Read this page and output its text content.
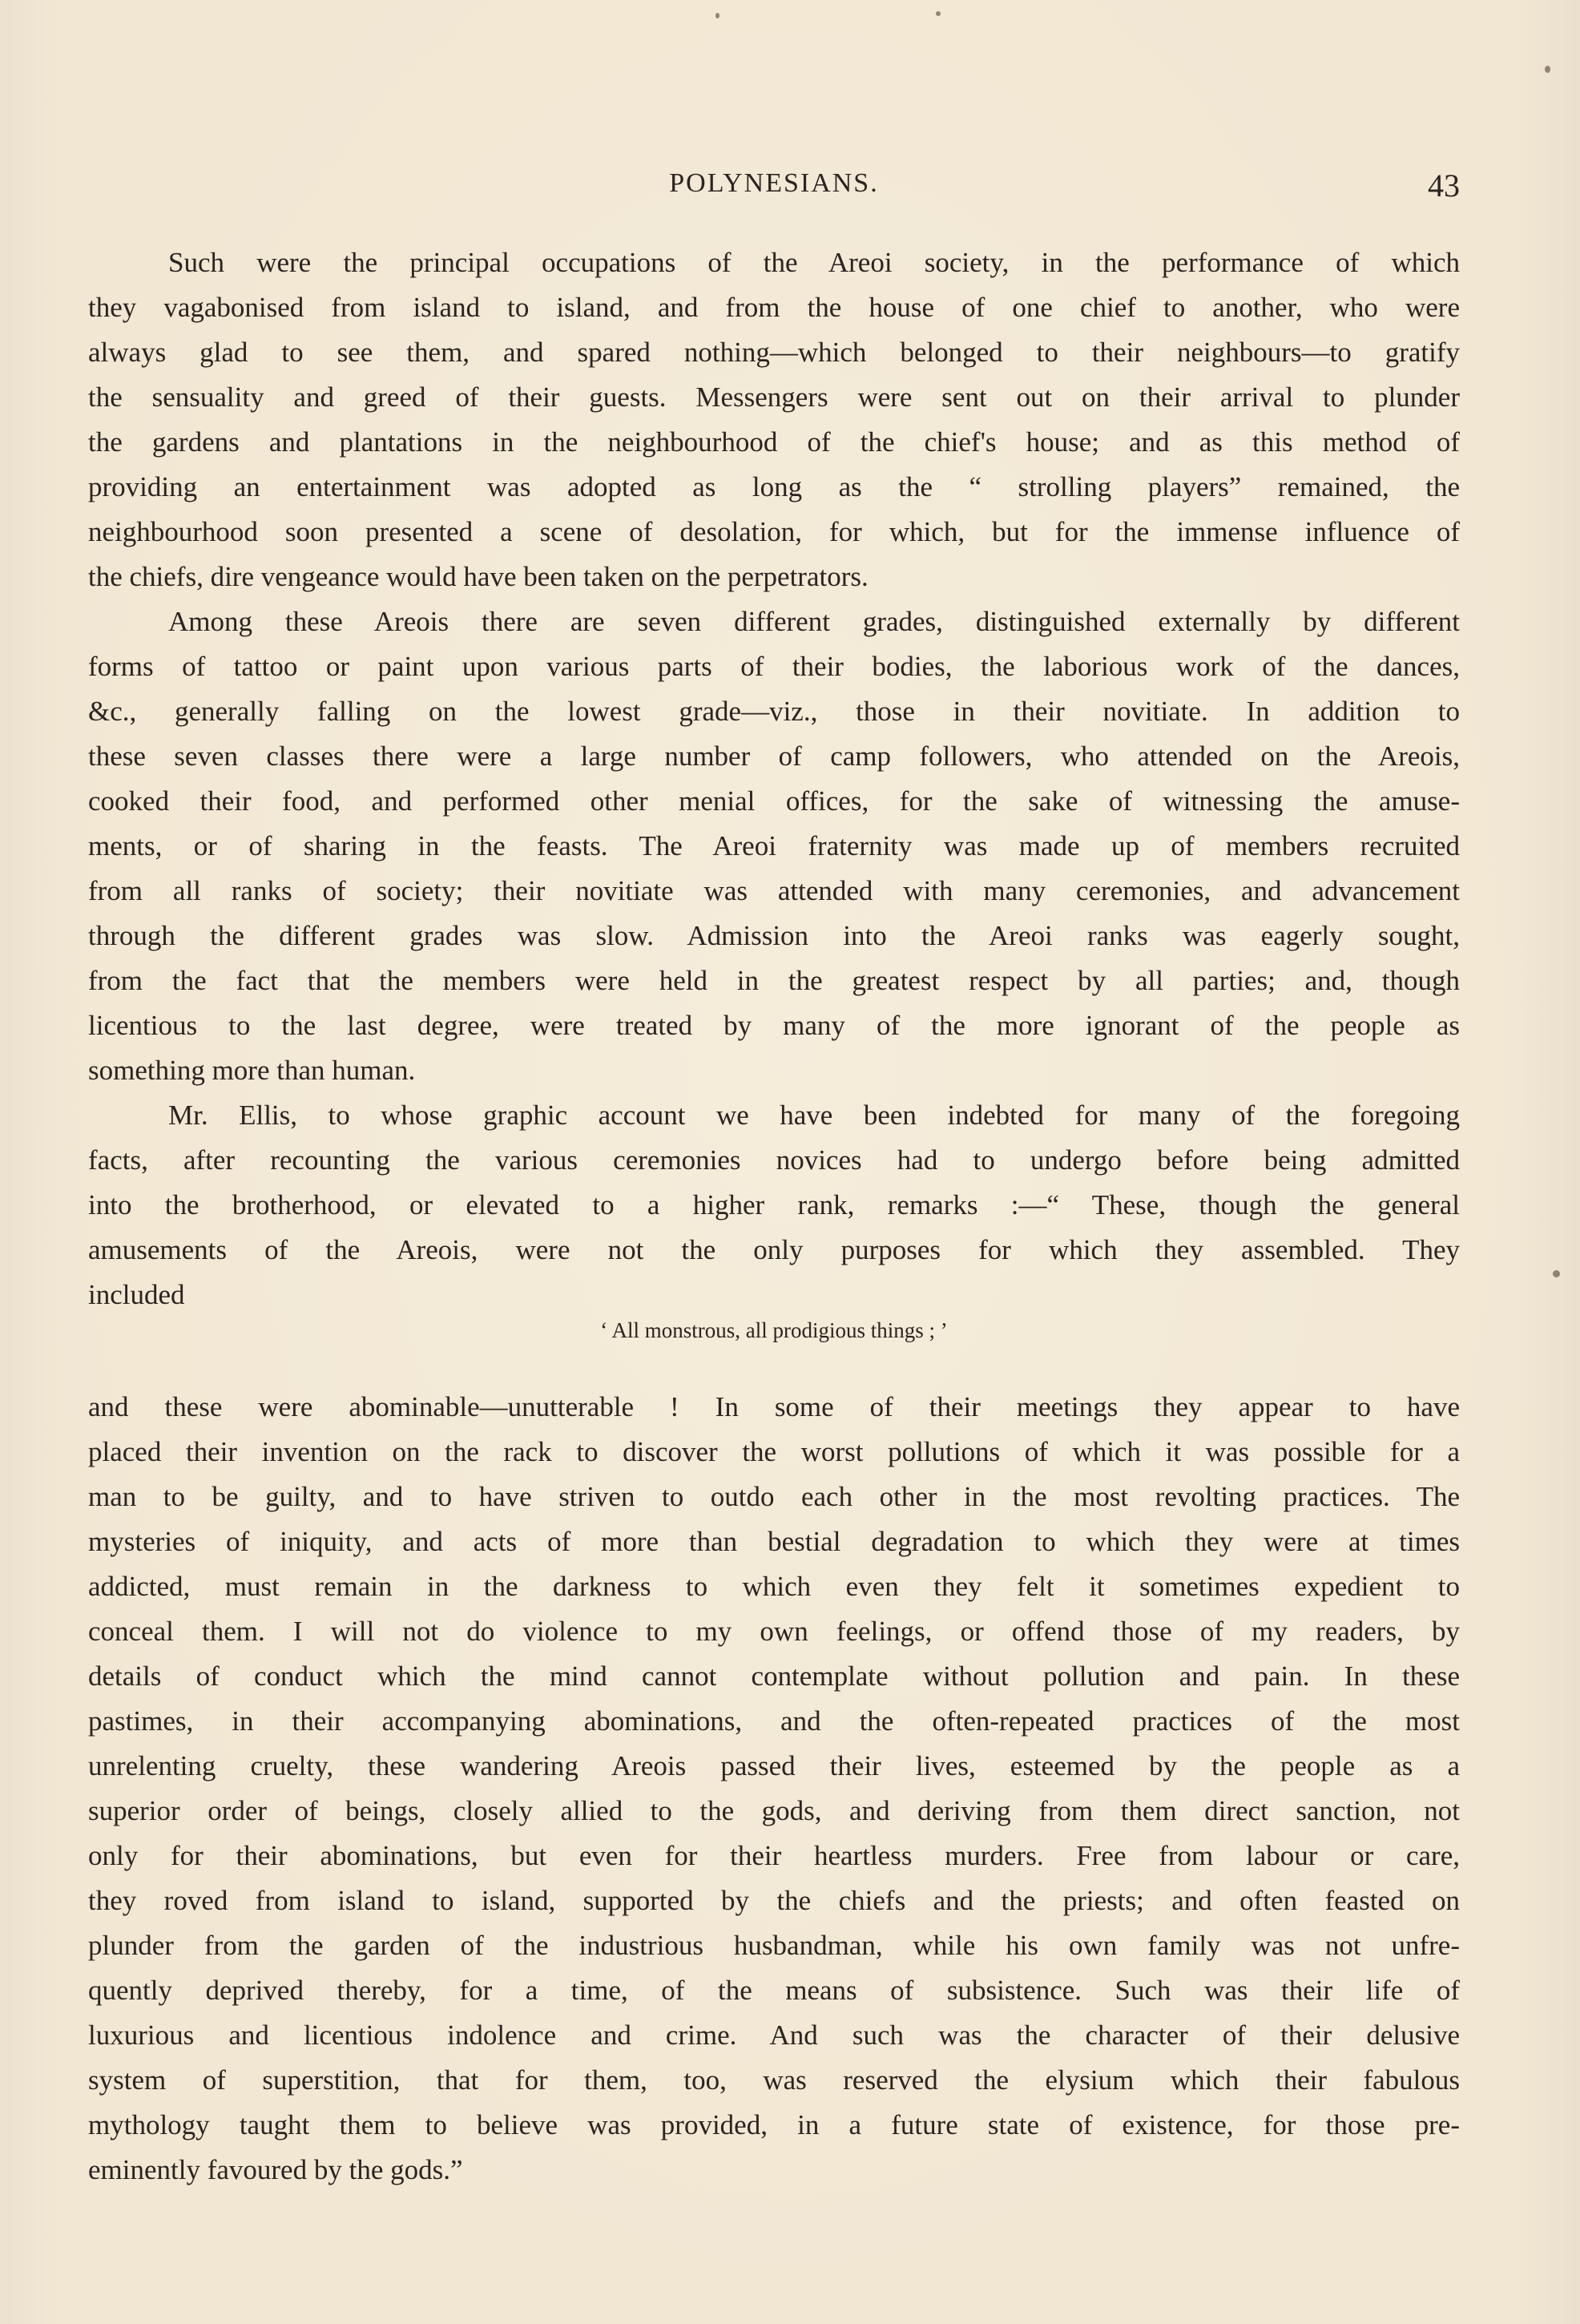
POLYNESIANS.	43
Such were the principal occupations of the Areoi society, in the performance of which
they vagabonised from island to island, and from the house of one chief to another, who were
always glad to see them, and spared nothing—which belonged to their neighbours—to gratify
the sensuality and greed of their guests. Messengers were sent out on their arrival to plunder
the gardens and plantations in the neighbourhood of the chief's house; and as this method of
providing an entertainment was adopted as long as the “ strolling players” remained, the
neighbourhood soon presented a scene of desolation, for which, but for the immense influence of
the chiefs, dire vengeance would have been taken on the perpetrators.
Among these Areois there are seven different grades, distinguished externally by different
forms of tattoo or paint upon various parts of their bodies, the laborious work of the dances,
&c., generally falling on the lowest grade—viz., those in their novitiate. In addition to
these seven classes there were a large number of camp followers, who attended on the Areois,
cooked their food, and performed other menial offices, for the sake of witnessing the amuse-
ments, or of sharing in the feasts. The Areoi fraternity was made up of members recruited
from all ranks of society; their novitiate was attended with many ceremonies, and advancement
through the different grades was slow. Admission into the Areoi ranks was eagerly sought,
from the fact that the members were held in the greatest respect by all parties; and, though
licentious to the last degree, were treated by many of the more ignorant of the people as
something more than human.
Mr. Ellis, to whose graphic account we have been indebted for many of the foregoing
facts, after recounting the various ceremonies novices had to undergo before being admitted
into the brotherhood, or elevated to a higher rank, remarks :—“ These, though the general
amusements of the Areois, were not the only purposes for which they assembled. They
included
‘ All monstrous, all prodigious things ; ’
and these were abominable—unutterable ! In some of their meetings they appear to have
placed their invention on the rack to discover the worst pollutions of which it was possible for a
man to be guilty, and to have striven to outdo each other in the most revolting practices. The
mysteries of iniquity, and acts of more than bestial degradation to which they were at times
addicted, must remain in the darkness to which even they felt it sometimes expedient to
conceal them. I will not do violence to my own feelings, or offend those of my readers, by
details of conduct which the mind cannot contemplate without pollution and pain. In these
pastimes, in their accompanying abominations, and the often-repeated practices of the most
unrelenting cruelty, these wandering Areois passed their lives, esteemed by the people as a
superior order of beings, closely allied to the gods, and deriving from them direct sanction, not
only for their abominations, but even for their heartless murders. Free from labour or care,
they roved from island to island, supported by the chiefs and the priests; and often feasted on
plunder from the garden of the industrious husbandman, while his own family was not unfre-
quently deprived thereby, for a time, of the means of subsistence. Such was their life of
luxurious and licentious indolence and crime. And such was the character of their delusive
system of superstition, that for them, too, was reserved the elysium which their fabulous
mythology taught them to believe was provided, in a future state of existence, for those pre-
eminently favoured by the gods.”
